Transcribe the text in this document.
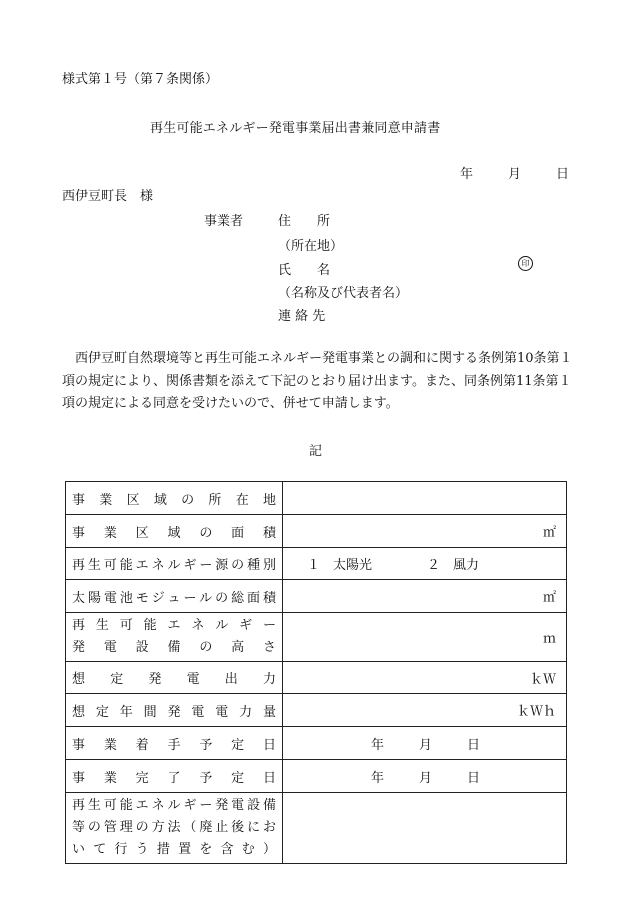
様式第１号（第７条関係）
再生可能エネルギー発電事業届出書兼同意申請書
年	月	日
西伊豆町長　様
事業者	住　　所
（所在地）
氏　　名	印
（名称及び代表者名）
連 絡 先
西伊豆町自然環境等と再生可能エネルギー発電事業との調和に関する条例第10条第１項の規定により、関係書類を添えて下記のとおり届け出ます。また、同条例第11条第１項の規定による同意を受けたいので、併せて申請します。
記
事業区域の所在地	
事業区域の面積	㎡

再生可能エネルギー源の種別	１　太陽光 ２　風力

太陽電池モジュールの総面積	㎡

再生可能エネルギー
発電設備の高さ	ｍ

想定発電出力	ｋＷ

想定年間発電電力量	ｋＷｈ

事業着手予定日	年 月 日

事業完了予定日	年 月 日

再生可能エネルギー発電設備
等の管理の方法（廃止後にお
いて行う措置を含む）	
